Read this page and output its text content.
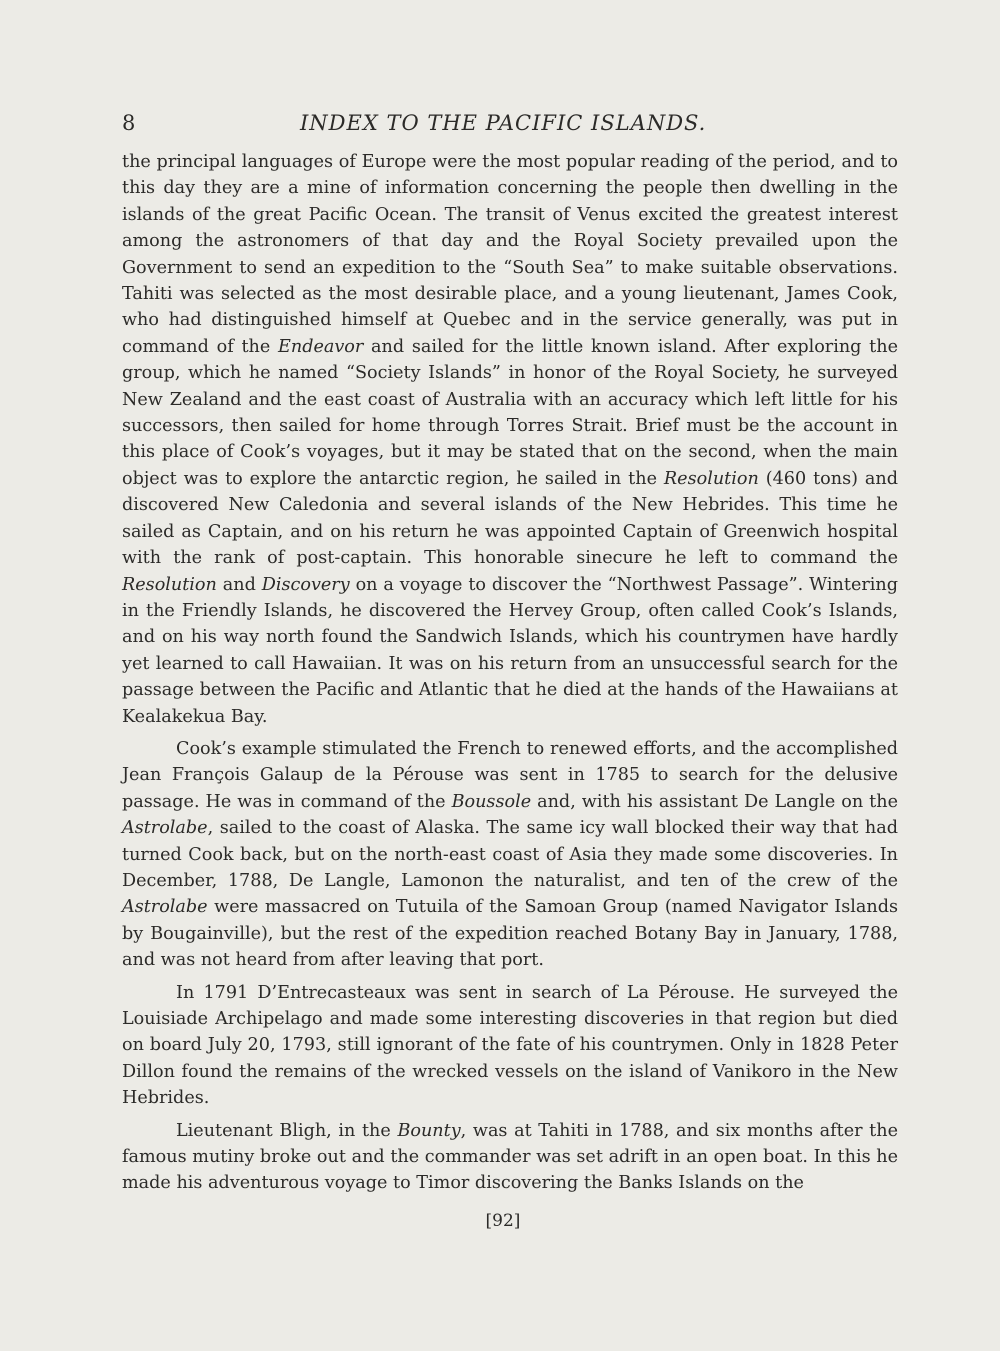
8	INDEX TO THE PACIFIC ISLANDS.

the principal languages of Europe were the most popular reading of the period, and to this day they are a mine of information concerning the people then dwelling in the islands of the great Pacific Ocean. The transit of Venus excited the greatest interest among the astronomers of that day and the Royal Society prevailed upon the Government to send an expedition to the “South Sea” to make suitable observations. Tahiti was selected as the most desirable place, and a young lieutenant, James Cook, who had distinguished himself at Quebec and in the service generally, was put in command of the Endeavor and sailed for the little known island. After exploring the group, which he named “Society Islands” in honor of the Royal Society, he surveyed New Zealand and the east coast of Australia with an accuracy which left little for his successors, then sailed for home through Torres Strait. Brief must be the account in this place of Cook’s voyages, but it may be stated that on the second, when the main object was to explore the antarctic region, he sailed in the Resolution (460 tons) and discovered New Caledonia and several islands of the New Hebrides. This time he sailed as Captain, and on his return he was appointed Captain of Greenwich hospital with the rank of post-captain. This honorable sinecure he left to command the Resolution and Discovery on a voyage to discover the “Northwest Passage”. Wintering in the Friendly Islands, he discovered the Hervey Group, often called Cook’s Islands, and on his way north found the Sandwich Islands, which his countrymen have hardly yet learned to call Hawaiian. It was on his return from an unsuccessful search for the passage between the Pacific and Atlantic that he died at the hands of the Hawaiians at Kealakekua Bay.

Cook’s example stimulated the French to renewed efforts, and the accomplished Jean François Galaup de la Pérouse was sent in 1785 to search for the delusive passage. He was in command of the Boussole and, with his assistant De Langle on the Astrolabe, sailed to the coast of Alaska. The same icy wall blocked their way that had turned Cook back, but on the north-east coast of Asia they made some discoveries. In December, 1788, De Langle, Lamonon the naturalist, and ten of the crew of the Astrolabe were massacred on Tutuila of the Samoan Group (named Navigator Islands by Bougainville), but the rest of the expedition reached Botany Bay in January, 1788, and was not heard from after leaving that port.

In 1791 D’Entrecasteaux was sent in search of La Pérouse. He surveyed the Louisiade Archipelago and made some interesting discoveries in that region but died on board July 20, 1793, still ignorant of the fate of his countrymen. Only in 1828 Peter Dillon found the remains of the wrecked vessels on the island of Vanikoro in the New Hebrides.

Lieutenant Bligh, in the Bounty, was at Tahiti in 1788, and six months after the famous mutiny broke out and the commander was set adrift in an open boat. In this he made his adventurous voyage to Timor discovering the Banks Islands on the

[92]
